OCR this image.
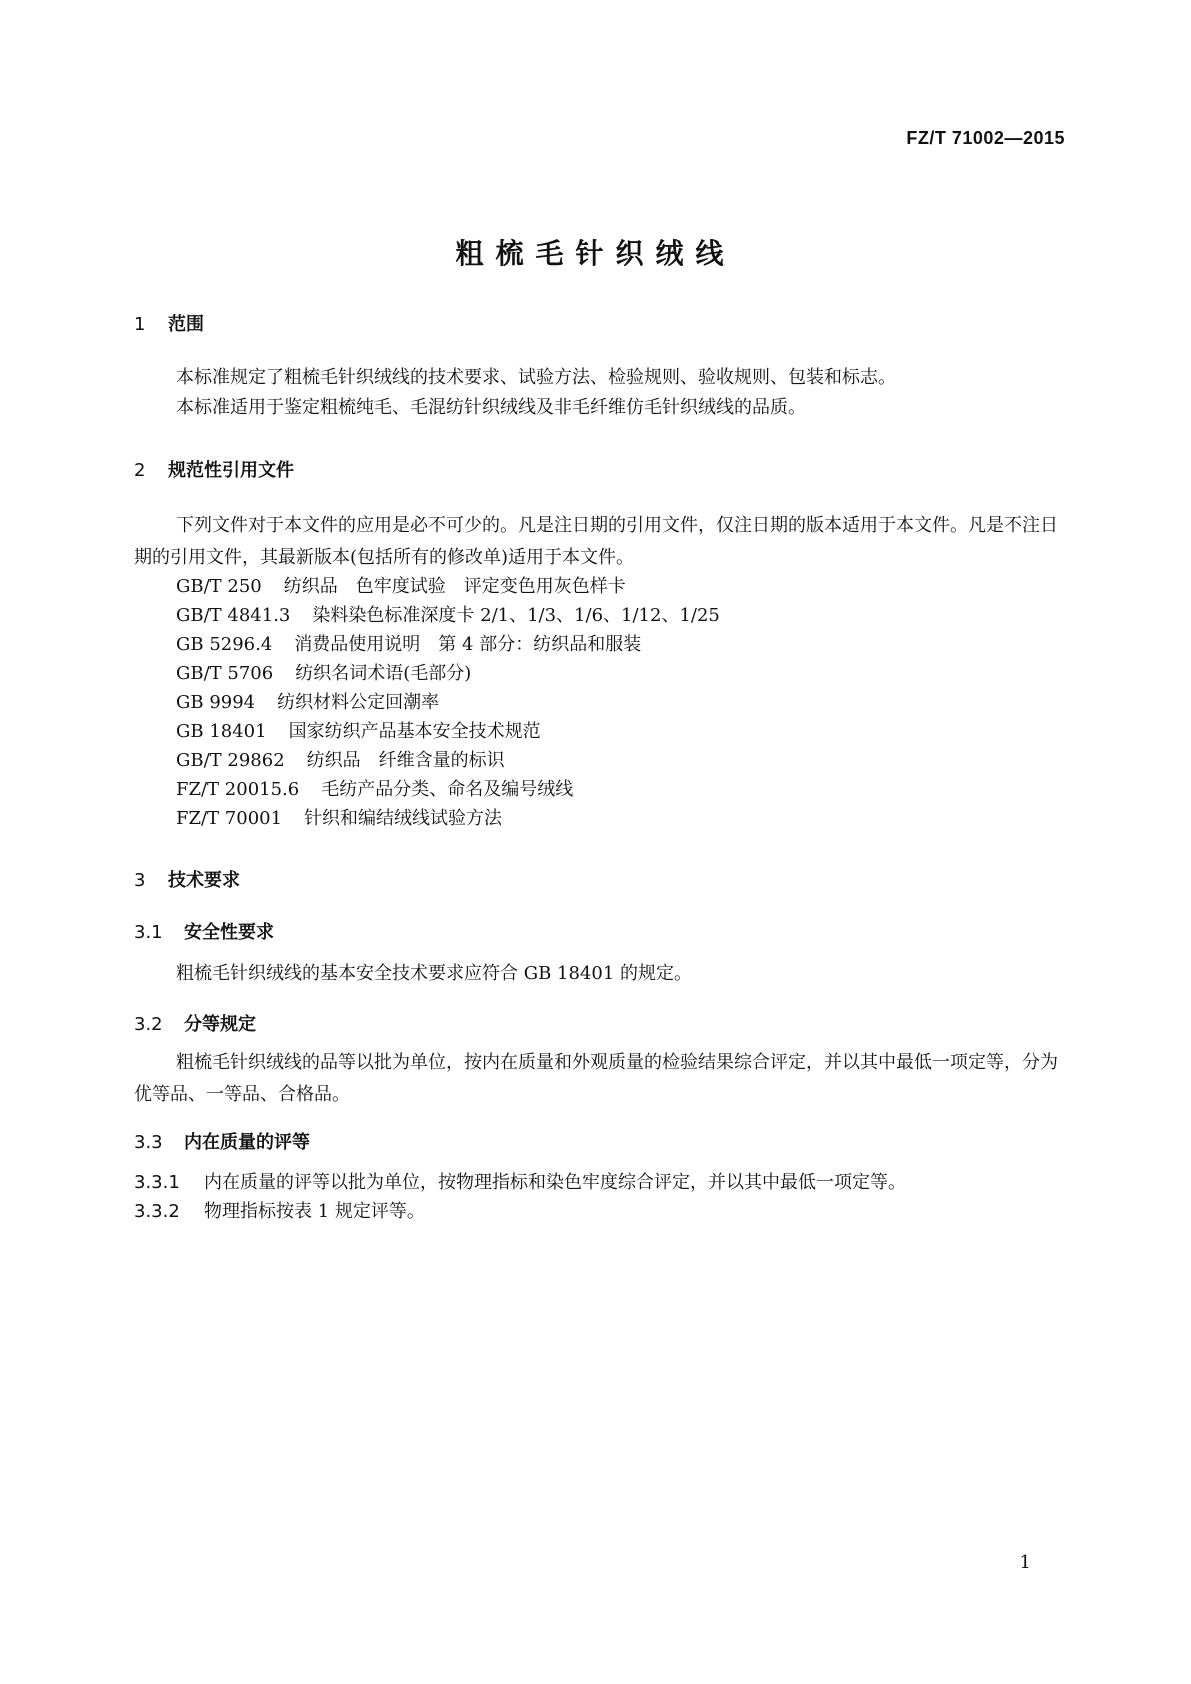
FZ/T 71002—2015
粗梳毛针织绒线
1 范围
本标准规定了粗梳毛针织绒线的技术要求、试验方法、检验规则、验收规则、包装和标志。
本标准适用于鉴定粗梳纯毛、毛混纺针织绒线及非毛纤维仿毛针织绒线的品质。
2 规范性引用文件
下列文件对于本文件的应用是必不可少的。凡是注日期的引用文件，仅注日期的版本适用于本文件。凡是不注日期的引用文件，其最新版本(包括所有的修改单)适用于本文件。
GB/T 250 纺织品　色牢度试验　评定变色用灰色样卡
GB/T 4841.3 染料染色标准深度卡 2/1、1/3、1/6、1/12、1/25
GB 5296.4 消费品使用说明　第 4 部分：纺织品和服装
GB/T 5706 纺织名词术语(毛部分)
GB 9994 纺织材料公定回潮率
GB 18401 国家纺织产品基本安全技术规范
GB/T 29862 纺织品　纤维含量的标识
FZ/T 20015.6 毛纺产品分类、命名及编号绒线
FZ/T 70001 针织和编结绒线试验方法
3 技术要求
3.1 安全性要求
粗梳毛针织绒线的基本安全技术要求应符合 GB 18401 的规定。
3.2 分等规定
粗梳毛针织绒线的品等以批为单位，按内在质量和外观质量的检验结果综合评定，并以其中最低一项定等，分为优等品、一等品、合格品。
3.3 内在质量的评等
3.3.1 内在质量的评等以批为单位，按物理指标和染色牢度综合评定，并以其中最低一项定等。
3.3.2 物理指标按表 1 规定评等。
1
